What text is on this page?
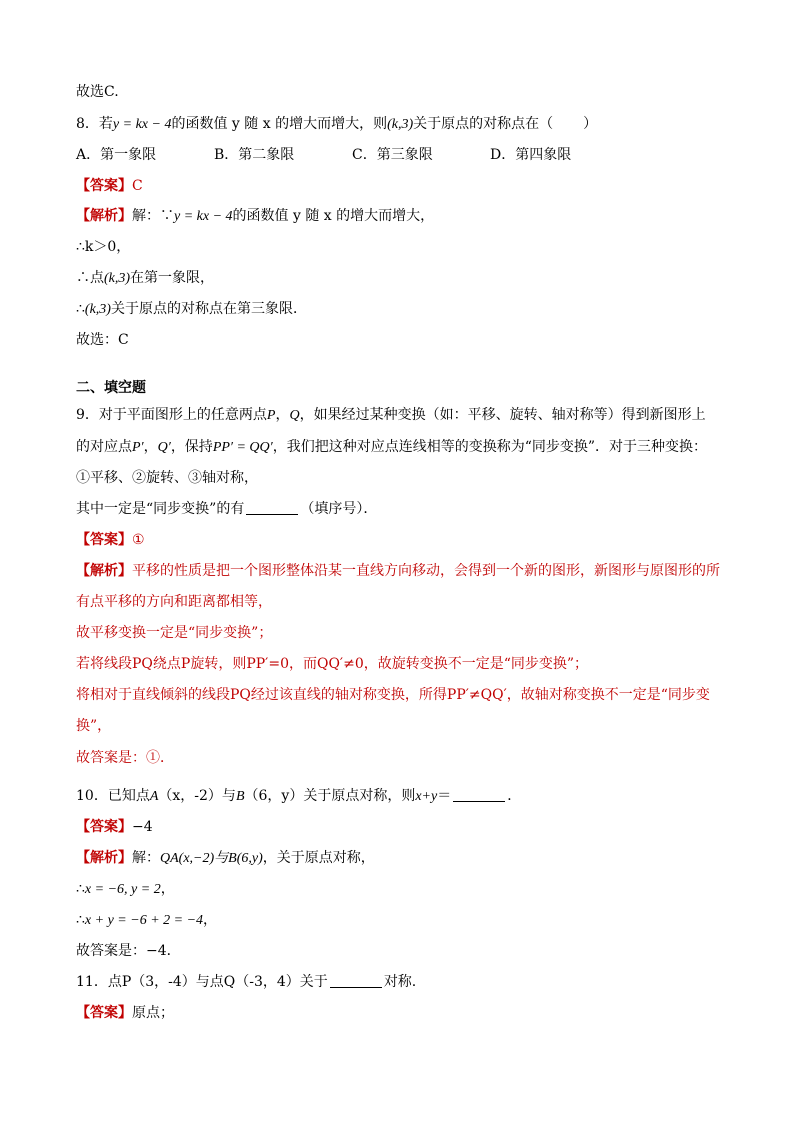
故选C.
8．若y = kx − 4的函数值 y 随 x 的增大而增大，则(k,3)关于原点的对称点在（ ）
A．第一象限	B．第二象限	C．第三象限	D．第四象限
【答案】C
【解析】解：∵y = kx − 4的函数值 y 随 x 的增大而增大，
∴k＞0，
∴点(k,3)在第一象限，
∴(k,3)关于原点的对称点在第三象限．
故选：C
二、填空题
9．对于平面图形上的任意两点P，Q，如果经过某种变换（如：平移、旋转、轴对称等）得到新图形上
的对应点P′，Q′，保持PP′ = QQ′，我们把这种对应点连线相等的变换称为“同步变换”．对于三种变换：
①平移、②旋转、③轴对称，
其中一定是“同步变换”的有	（填序号）．
【答案】①
【解析】平移的性质是把一个图形整体沿某一直线方向移动，会得到一个新的图形，新图形与原图形的所
有点平移的方向和距离都相等，
故平移变换一定是“同步变换”；
若将线段PQ绕点P旋转，则PP′=0，而QQ′≠0，故旋转变换不一定是“同步变换”；
将相对于直线倾斜的线段PQ经过该直线的轴对称变换，所得PP′≠QQ′，故轴对称变换不一定是“同步变
换”，
故答案是：①．
10．已知点A（x，-2）与B（6，y）关于原点对称，则x+y＝	．
【答案】−4
【解析】解：QA(x,−2)与B(6,y)，关于原点对称，
∴x = −6, y = 2，
∴x + y = −6 + 2 = −4，
故答案是：−4．
11．点P（3，-4）与点Q（-3，4）关于	对称.
【答案】原点；
